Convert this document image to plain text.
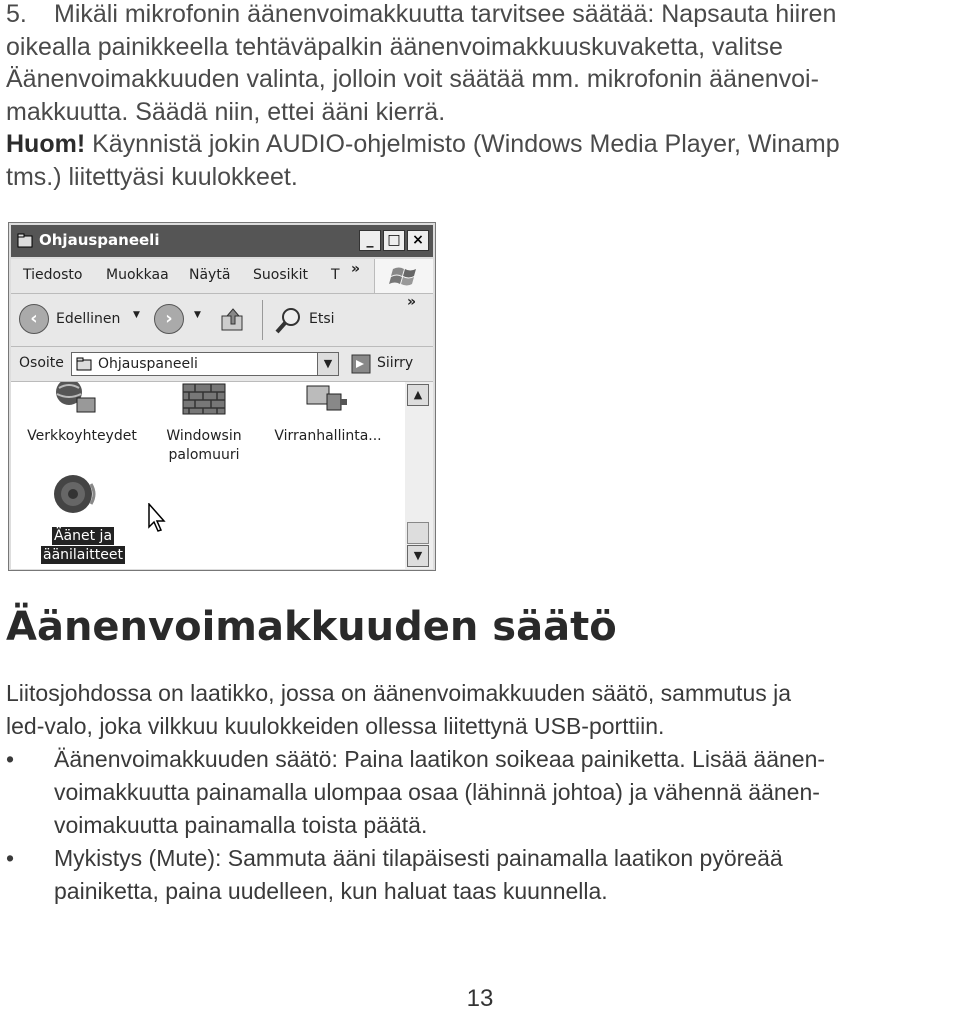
5.	Mikäli mikrofonin äänenvoimakkuutta tarvitsee säätää: Napsauta hiiren
oikealla painikkeella tehtäväpalkin äänenvoimakkuuskuvaketta, valitse
Äänenvoimakkuuden valinta, jolloin voit säätää mm. mikrofonin äänenvoi-
makkuutta. Säädä niin, ettei ääni kierrä.
Huom! Käynnistä jokin AUDIO-ohjelmisto (Windows Media Player, Winamp
tms.) liitettyäsi kuulokkeet.
Ohjauspaneeli	_ □ ×
Tiedosto Muokkaa Näytä Suosikit T »
‹	Edellinen ▼	›	▼	Etsi
»
Osoite Ohjauspaneeli	▼	Siirry
Verkkoyhteydet	Windowsin
palomuuri
Virranhallinta...
Äänet ja
äänilaitteet
▲
▼
Äänenvoimakkuuden säätö
Liitosjohdossa on laatikko, jossa on äänenvoimakkuuden säätö, sammutus ja
led-valo, joka vilkkuu kuulokkeiden ollessa liitettynä USB-porttiin.
•	Äänenvoimakkuuden säätö: Paina laatikon soikeaa painiketta. Lisää äänen-
voimakkuutta painamalla ulompaa osaa (lähinnä johtoa) ja vähennä äänen-
voimakuutta painamalla toista päätä.
•	Mykistys (Mute): Sammuta ääni tilapäisesti painamalla laatikon pyöreää
painiketta, paina uudelleen, kun haluat taas kuunnella.
13
